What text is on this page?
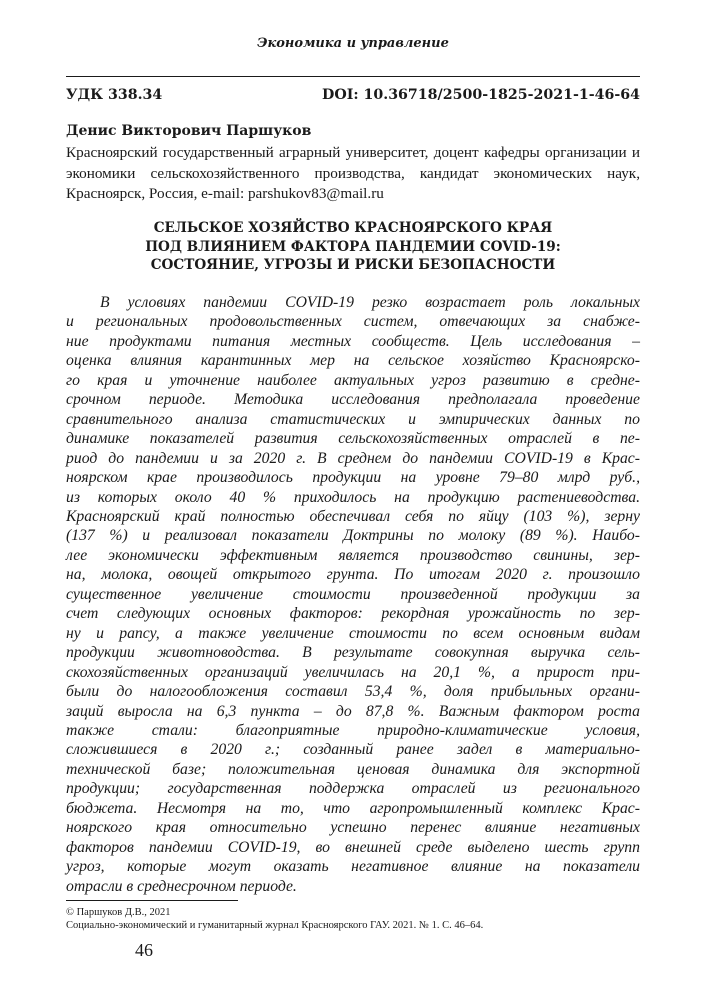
Экономика и управление
УДК 338.34	DOI: 10.36718/2500-1825-2021-1-46-64
Денис Викторович Паршуков
Красноярский государственный аграрный университет, доцент кафедры организации и экономики сельскохозяйственного производства, кандидат экономических наук, Красноярск, Россия, e-mail: parshukov83@mail.ru
СЕЛЬСКОЕ ХОЗЯЙСТВО КРАСНОЯРСКОГО КРАЯ
ПОД ВЛИЯНИЕМ ФАКТОРА ПАНДЕМИИ COVID-19:
СОСТОЯНИЕ, УГРОЗЫ И РИСКИ БЕЗОПАСНОСТИ
В условиях пандемии COVID-19 резко возрастает роль локальных
и региональных продовольственных систем, отвечающих за снабже-
ние продуктами питания местных сообществ. Цель исследования –
оценка влияния карантинных мер на сельское хозяйство Красноярско-
го края и уточнение наиболее актуальных угроз развитию в средне-
срочном периоде. Методика исследования предполагала проведение
сравнительного анализа статистических и эмпирических данных по
динамике показателей развития сельскохозяйственных отраслей в пе-
риод до пандемии и за 2020 г. В среднем до пандемии COVID-19 в Крас-
ноярском крае производилось продукции на уровне 79–80 млрд руб.,
из которых около 40 % приходилось на продукцию растениеводства.
Красноярский край полностью обеспечивал себя по яйцу (103 %), зерну
(137 %) и реализовал показатели Доктрины по молоку (89 %). Наибо-
лее экономически эффективным является производство свинины, зер-
на, молока, овощей открытого грунта. По итогам 2020 г. произошло
существенное увеличение стоимости произведенной продукции за
счет следующих основных факторов: рекордная урожайность по зер-
ну и рапсу, а также увеличение стоимости по всем основным видам
продукции животноводства. В результате совокупная выручка сель-
скохозяйственных организаций увеличилась на 20,1 %, а прирост при-
были до налогообложения составил 53,4 %, доля прибыльных органи-
заций выросла на 6,3 пункта – до 87,8 %. Важным фактором роста
также стали: благоприятные природно-климатические условия,
сложившиеся в 2020 г.; созданный ранее задел в материально-
технической базе; положительная ценовая динамика для экспортной
продукции; государственная поддержка отраслей из регионального
бюджета. Несмотря на то, что агропромышленный комплекс Крас-
ноярского края относительно успешно перенес влияние негативных
факторов пандемии COVID-19, во внешней среде выделено шесть групп
угроз, которые могут оказать негативное влияние на показатели
отрасли в среднесрочном периоде.
© Паршуков Д.В., 2021
Социально-экономический и гуманитарный журнал Красноярского ГАУ. 2021. № 1. С. 46–64.
46
